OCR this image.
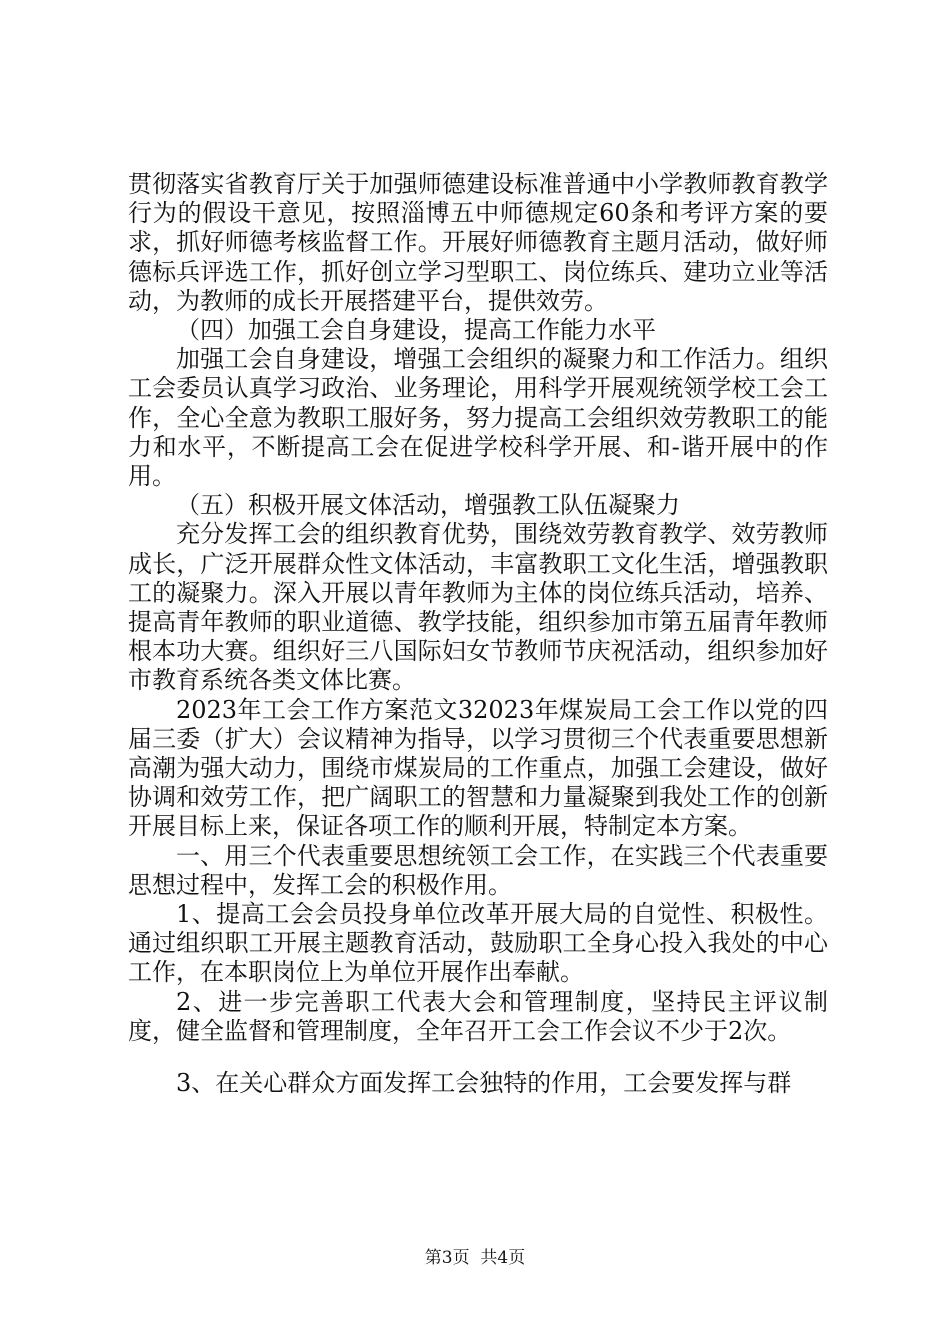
贯彻落实省教育厅关于加强师德建设标准普通中小学教师教育教学行为的假设干意见，按照淄博五中师德规定60条和考评方案的要求，抓好师德考核监督工作。开展好师德教育主题月活动，做好师德标兵评选工作，抓好创立学习型职工、岗位练兵、建功立业等活动，为教师的成长开展搭建平台，提供效劳。

（四）加强工会自身建设，提高工作能力水平

加强工会自身建设，增强工会组织的凝聚力和工作活力。组织工会委员认真学习政治、业务理论，用科学开展观统领学校工会工作，全心全意为教职工服好务，努力提高工会组织效劳教职工的能力和水平，不断提高工会在促进学校科学开展、和-谐开展中的作用。

（五）积极开展文体活动，增强教工队伍凝聚力

充分发挥工会的组织教育优势，围绕效劳教育教学、效劳教师成长，广泛开展群众性文体活动，丰富教职工文化生活，增强教职工的凝聚力。深入开展以青年教师为主体的岗位练兵活动，培养、提高青年教师的职业道德、教学技能，组织参加市第五届青年教师根本功大赛。组织好三八国际妇女节教师节庆祝活动，组织参加好市教育系统各类文体比赛。

2023年工会工作方案范文32023年煤炭局工会工作以党的四届三委（扩大）会议精神为指导，以学习贯彻三个代表重要思想新高潮为强大动力，围绕市煤炭局的工作重点，加强工会建设，做好协调和效劳工作，把广阔职工的智慧和力量凝聚到我处工作的创新开展目标上来，保证各项工作的顺利开展，特制定本方案。

一、用三个代表重要思想统领工会工作，在实践三个代表重要思想过程中，发挥工会的积极作用。

1、提高工会会员投身单位改革开展大局的自觉性、积极性。通过组织职工开展主题教育活动，鼓励职工全身心投入我处的中心工作，在本职岗位上为单位开展作出奉献。

2、进一步完善职工代表大会和管理制度，坚持民主评议制度，健全监督和管理制度，全年召开工会工作会议不少于2次。

3、在关心群众方面发挥工会独特的作用，工会要发挥与群

第3页  共4页
